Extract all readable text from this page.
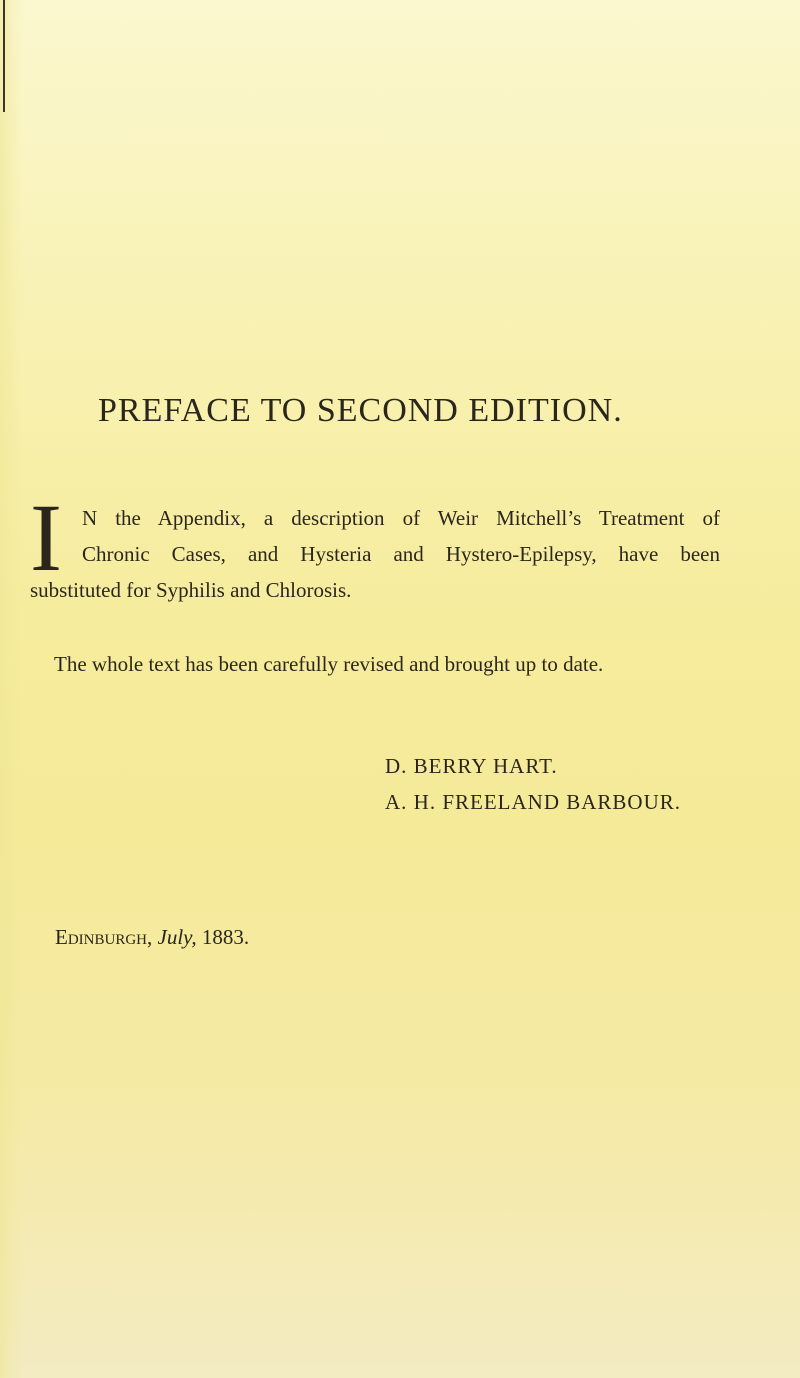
PREFACE TO SECOND EDITION.
I N the Appendix, a description of Weir Mitchell’s Treatment of
Chronic Cases, and Hysteria and Hystero-Epilepsy, have been
substituted for Syphilis and Chlorosis.
The whole text has been carefully revised and brought up to date.
D. BERRY HART.
A. H. FREELAND BARBOUR.
Edinburgh, July, 1883.
